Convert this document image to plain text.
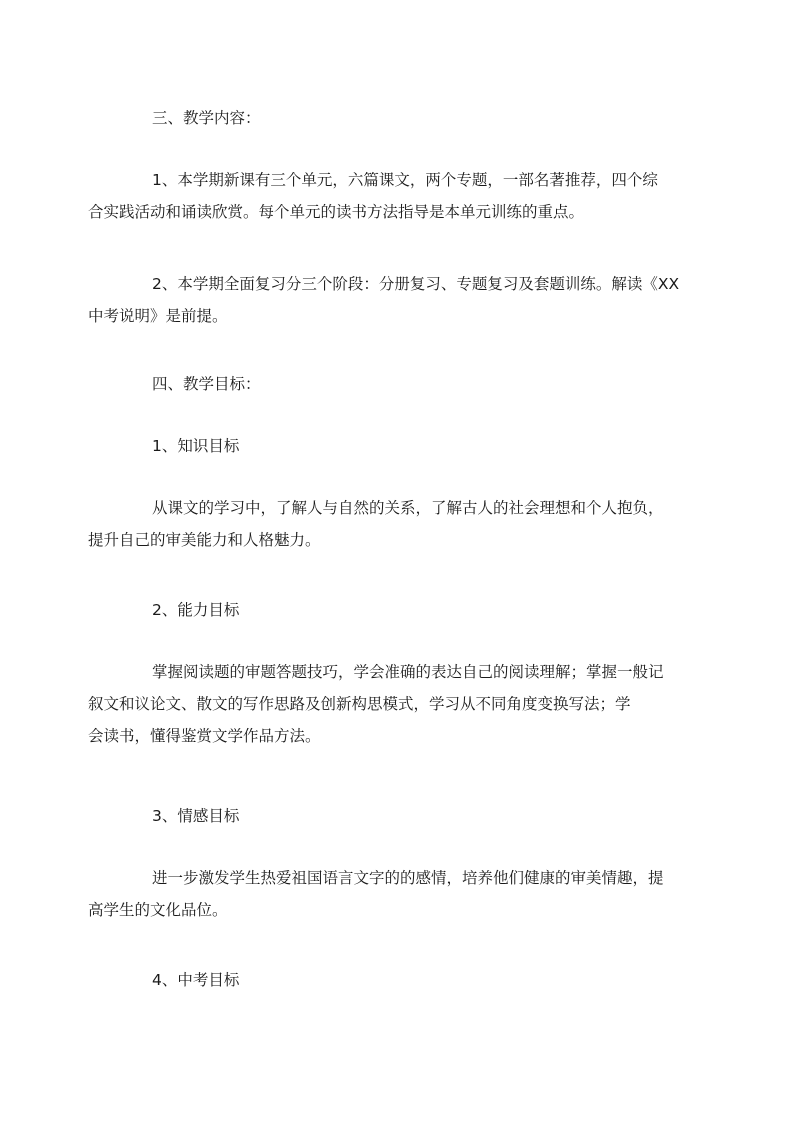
三、教学内容：

1、本学期新课有三个单元，六篇课文，两个专题，一部名著推荐，四个综
合实践活动和诵读欣赏。每个单元的读书方法指导是本单元训练的重点。

2、本学期全面复习分三个阶段：分册复习、专题复习及套题训练。解读《XX
中考说明》是前提。

四、教学目标：

1、知识目标

从课文的学习中，了解人与自然的关系，了解古人的社会理想和个人抱负，
提升自己的审美能力和人格魅力。

2、能力目标

掌握阅读题的审题答题技巧，学会准确的表达自己的阅读理解；掌握一般记
叙文和议论文、散文的写作思路及创新构思模式，学习从不同角度变换写法；学
会读书，懂得鉴赏文学作品方法。

3、情感目标

进一步激发学生热爱祖国语言文字的的感情，培养他们健康的审美情趣，提
高学生的文化品位。

4、中考目标
